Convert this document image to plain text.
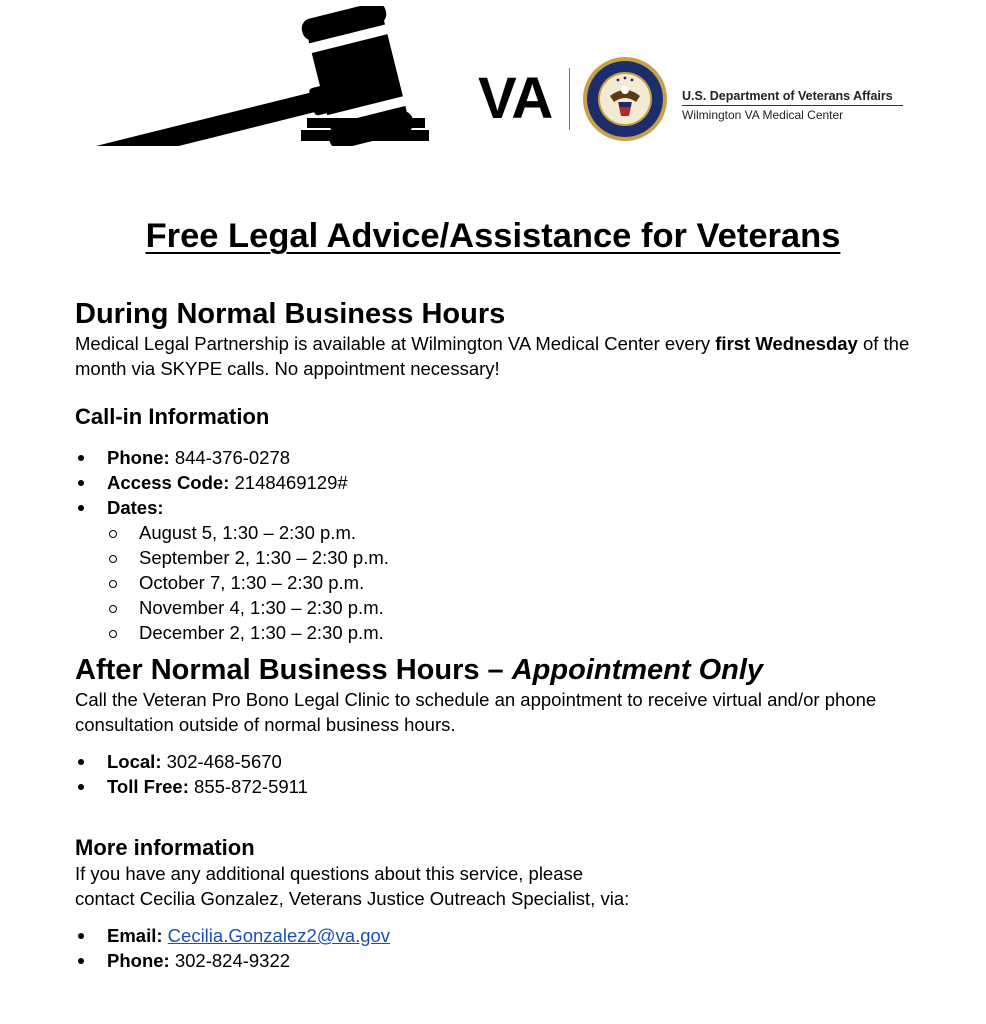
VA	U.S. Department of Veterans Affairs
Wilmington VA Medical Center
Free Legal Advice/Assistance for Veterans
During Normal Business Hours

Medical Legal Partnership is available at Wilmington VA Medical Center every first Wednesday of the month via SKYPE calls. No appointment necessary!

Call-in Information
Phone: 844-376-0278
Access Code: 2148469129#
Dates:
August 5, 1:30 – 2:30 p.m.
September 2, 1:30 – 2:30 p.m.
October 7, 1:30 – 2:30 p.m.
November 4, 1:30 – 2:30 p.m.
December 2, 1:30 – 2:30 p.m.
After Normal Business Hours – Appointment Only

Call the Veteran Pro Bono Legal Clinic to schedule an appointment to receive virtual and/or phone consultation outside of normal business hours.

Local: 302-468-5670
Toll Free: 855-872-5911
More information

If you have any additional questions about this service, please

contact Cecilia Gonzalez, Veterans Justice Outreach Specialist, via:

Email: Cecilia.Gonzalez2@va.gov
Phone: 302-824-9322
